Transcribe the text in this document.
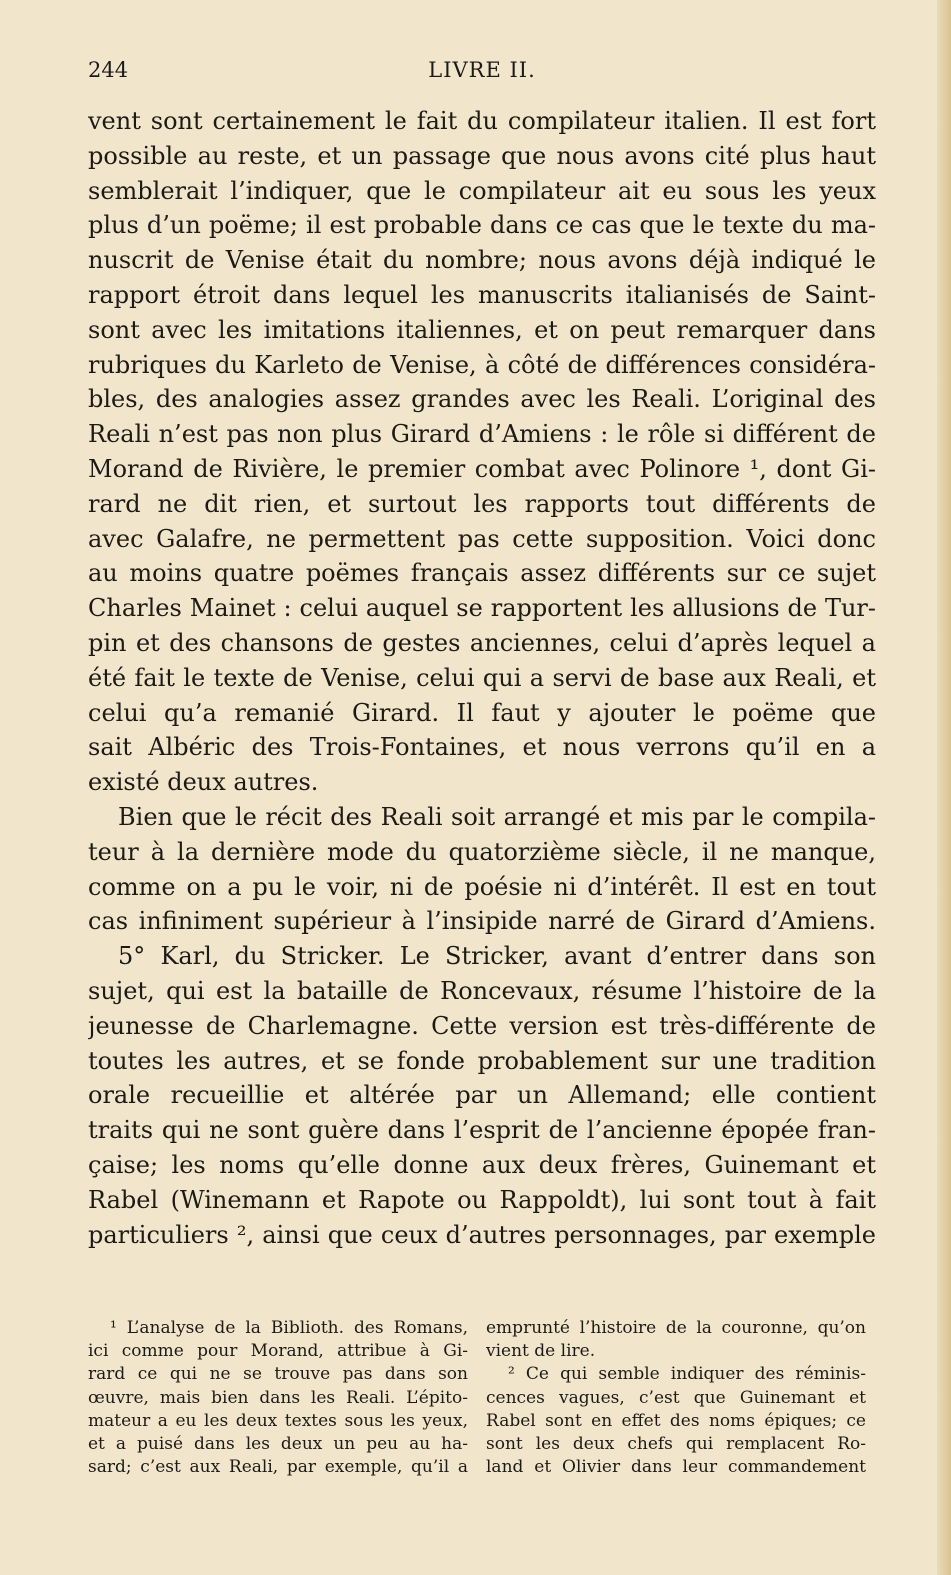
244	LIVRE II.
vent sont certainement le fait du compilateur italien. Il est fort
possible au reste, et un passage que nous avons cité plus haut
semblerait l’indiquer, que le compilateur ait eu sous les yeux
plus d’un poëme; il est probable dans ce cas que le texte du ma-
nuscrit de Venise était du nombre; nous avons déjà indiqué le
rapport étroit dans lequel les manuscrits italianisés de Saint-
sont avec les imitations italiennes, et on peut remarquer dans
rubriques du Karleto de Venise, à côté de différences considéra-
bles, des analogies assez grandes avec les Reali. L’original des
Reali n’est pas non plus Girard d’Amiens : le rôle si différent de
Morand de Rivière, le premier combat avec Polinore ¹, dont Gi-
rard ne dit rien, et surtout les rapports tout différents de
avec Galafre, ne permettent pas cette supposition. Voici donc
au moins quatre poëmes français assez différents sur ce sujet
Charles Mainet : celui auquel se rapportent les allusions de Tur-
pin et des chansons de gestes anciennes, celui d’après lequel a
été fait le texte de Venise, celui qui a servi de base aux Reali, et
celui qu’a remanié Girard. Il faut y ajouter le poëme que
sait Albéric des Trois-Fontaines, et nous verrons qu’il en a
existé deux autres.
Bien que le récit des Reali soit arrangé et mis par le compila-
teur à la dernière mode du quatorzième siècle, il ne manque,
comme on a pu le voir, ni de poésie ni d’intérêt. Il est en tout
cas infiniment supérieur à l’insipide narré de Girard d’Amiens.
5° Karl, du Stricker. Le Stricker, avant d’entrer dans son
sujet, qui est la bataille de Roncevaux, résume l’histoire de la
jeunesse de Charlemagne. Cette version est très-différente de
toutes les autres, et se fonde probablement sur une tradition
orale recueillie et altérée par un Allemand; elle contient
traits qui ne sont guère dans l’esprit de l’ancienne épopée fran-
çaise; les noms qu’elle donne aux deux frères, Guinemant et
Rabel (Winemann et Rapote ou Rappoldt), lui sont tout à fait
particuliers ², ainsi que ceux d’autres personnages, par exemple
¹ L’analyse de la Biblioth. des Romans,
ici comme pour Morand, attribue à Gi-
rard ce qui ne se trouve pas dans son
œuvre, mais bien dans les Reali. L’épito-
mateur a eu les deux textes sous les yeux,
et a puisé dans les deux un peu au ha-
sard; c’est aux Reali, par exemple, qu’il a
emprunté l’histoire de la couronne, qu’on
vient de lire.
² Ce qui semble indiquer des réminis-
cences vagues, c’est que Guinemant et
Rabel sont en effet des noms épiques; ce
sont les deux chefs qui remplacent Ro-
land et Olivier dans leur commandement
